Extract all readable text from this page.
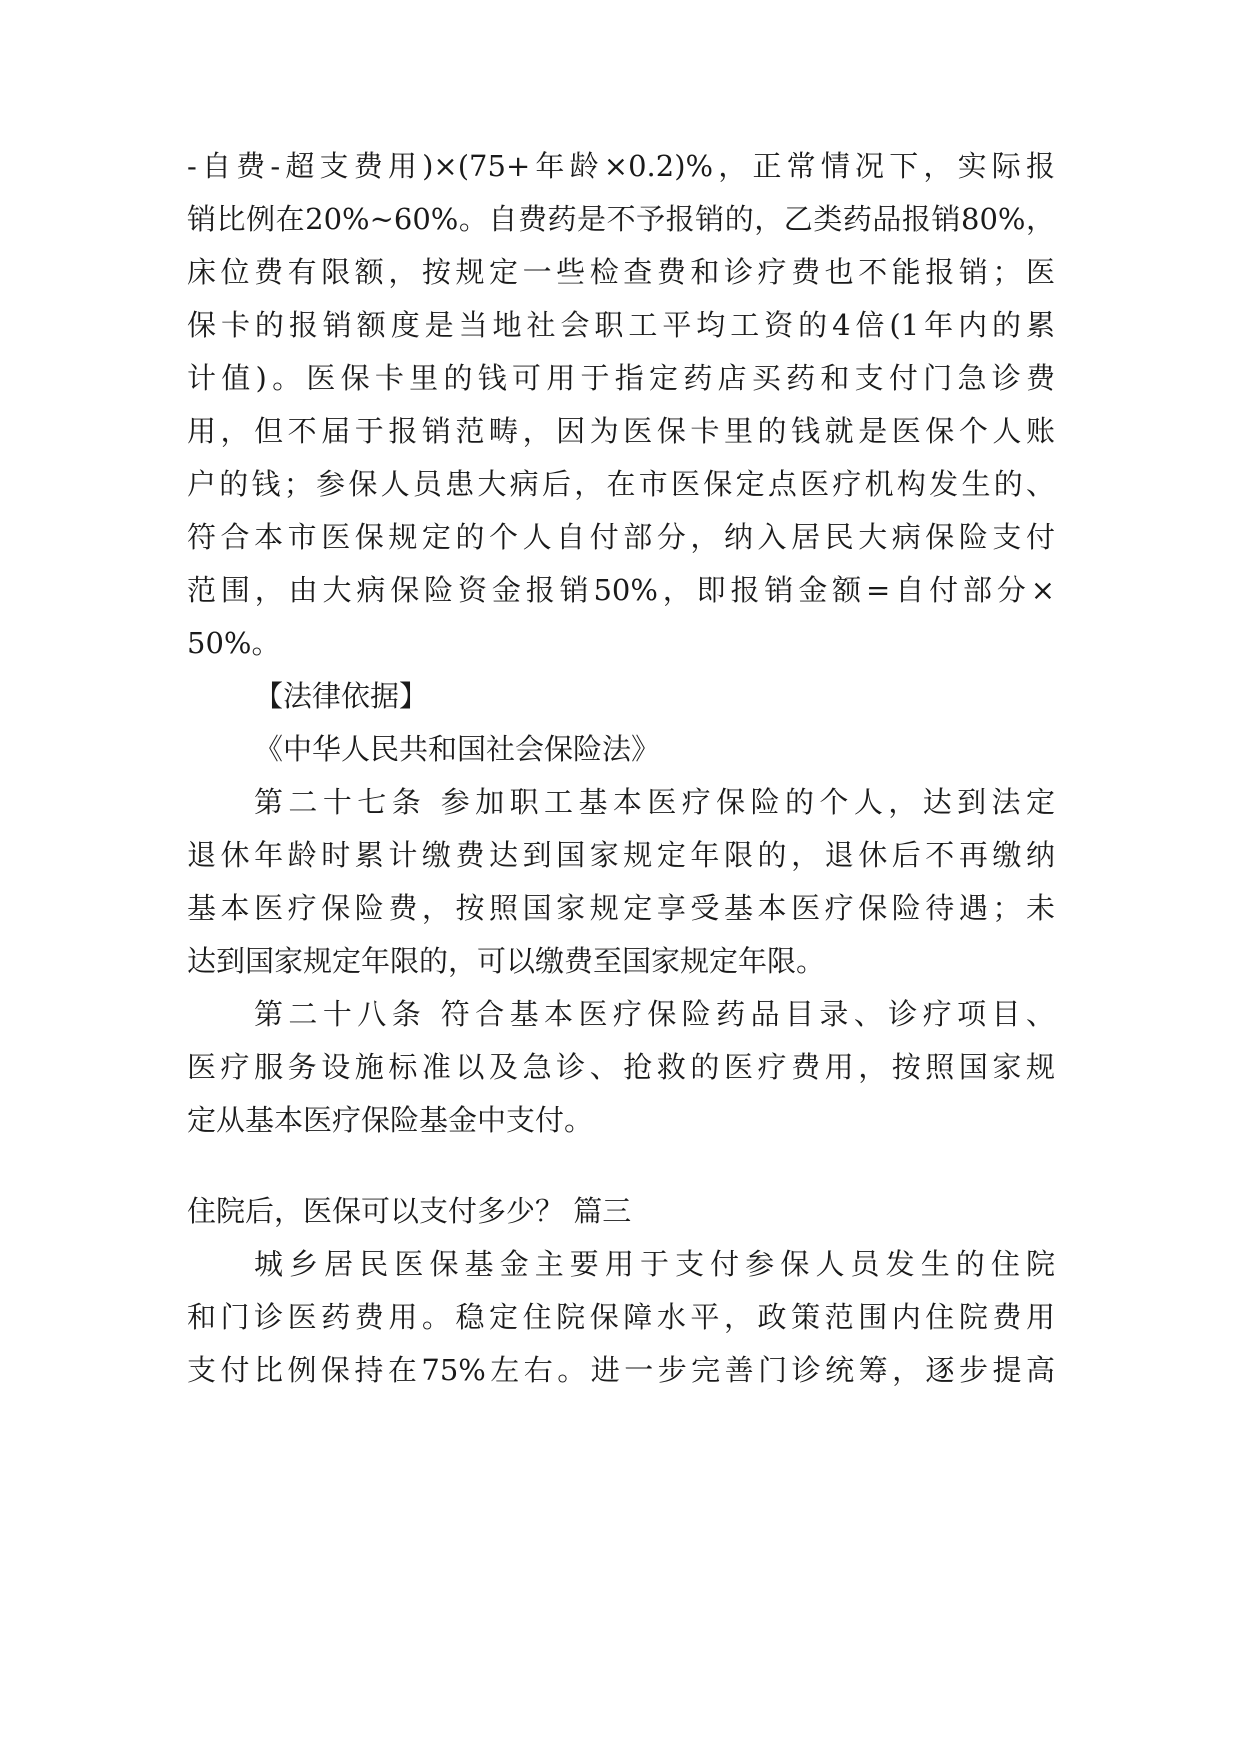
-自费-超支费用)×(75+年龄×0.2)%，正常情况下，实际报
销比例在20%~60%。自费药是不予报销的，乙类药品报销80%，
床位费有限额，按规定一些检查费和诊疗费也不能报销；医
保卡的报销额度是当地社会职工平均工资的4倍(1年内的累
计值)。医保卡里的钱可用于指定药店买药和支付门急诊费
用，但不届于报销范畴，因为医保卡里的钱就是医保个人账
户的钱；参保人员患大病后，在市医保定点医疗机构发生的、
符合本市医保规定的个人自付部分，纳入居民大病保险支付
范围，由大病保险资金报销50%，即报销金额=自付部分×
50%。
【法律依据】
《中华人民共和国社会保险法》
第二十七条 参加职工基本医疗保险的个人，达到法定
退休年龄时累计缴费达到国家规定年限的，退休后不再缴纳
基本医疗保险费，按照国家规定享受基本医疗保险待遇；未
达到国家规定年限的，可以缴费至国家规定年限。
第二十八条 符合基本医疗保险药品目录、诊疗项目、
医疗服务设施标准以及急诊、抢救的医疗费用，按照国家规
定从基本医疗保险基金中支付。
住院后，医保可以支付多少？ 篇三
城乡居民医保基金主要用于支付参保人员发生的住院
和门诊医药费用。稳定住院保障水平，政策范围内住院费用
支付比例保持在75%左右。进一步完善门诊统筹，逐步提高
